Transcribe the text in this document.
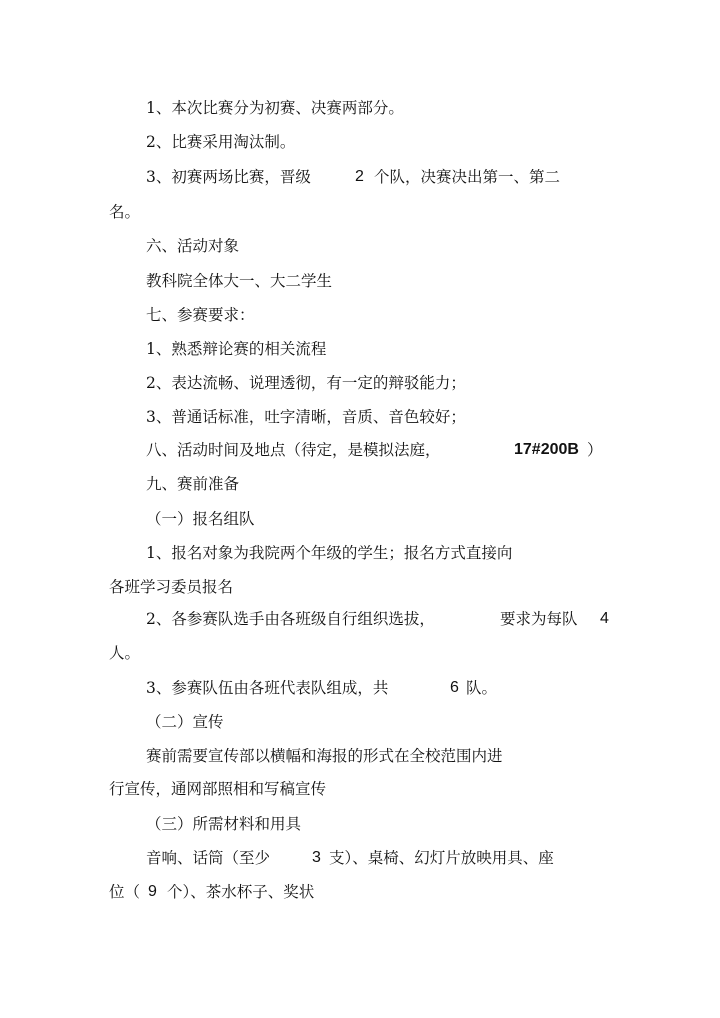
1、本次比赛分为初赛、决赛两部分。
2、比赛采用淘汰制。
3、初赛两场比赛，晋级	2 个队，决赛决出第一、第二
名。
六、活动对象
教科院全体大一、大二学生
七、参赛要求：
1、熟悉辩论赛的相关流程
2、表达流畅、说理透彻，有一定的辩驳能力；
3、普通话标准，吐字清晰，音质、音色较好；
八、活动时间及地点（待定，是模拟法庭，	17#200B ）
九、赛前准备
（一）报名组队
1、报名对象为我院两个年级的学生；报名方式直接向
各班学习委员报名
2、各参赛队选手由各班级自行组织选拔，	要求为每队 4
人。
3、参赛队伍由各班代表队组成，共	6 队。
（二）宣传
赛前需要宣传部以横幅和海报的形式在全校范围内进
行宣传，通网部照相和写稿宣传
（三）所需材料和用具
音响、话筒（至少	3 支）、桌椅、幻灯片放映用具、座
位（ 9 个）、茶水杯子、奖状
